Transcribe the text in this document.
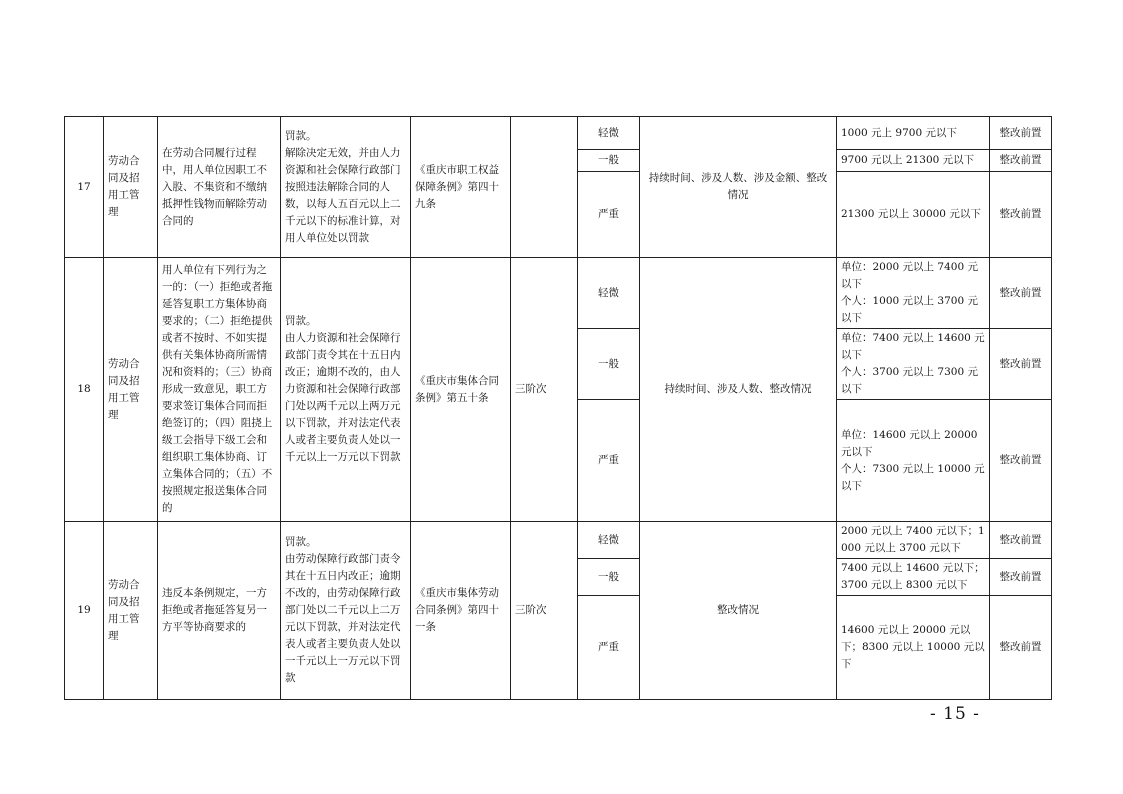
17	劳动合
同及招
用工管
理	在劳动合同履行过程中，用人单位因职工不入股、不集资和不缴纳抵押性钱物而解除劳动合同的	罚款。
解除决定无效，并由人力资源和社会保障行政部门按照违法解除合同的人数，以每人五百元以上二千元以下的标准计算，对用人单位处以罚款	《重庆市职工权益保障条例》第四十九条		轻微	持续时间、涉及人数、涉及金额、整改情况	1000 元上 9700 元以下	整改前置
						一般		9700 元以上 21300 元以下	整改前置
						严重		21300 元以上 30000 元以下	整改前置
18	劳动合
同及招
用工管
理	用人单位有下列行为之一的：（一）拒绝或者拖延答复职工方集体协商要求的；（二）拒绝提供或者不按时、不如实提供有关集体协商所需情况和资料的；（三）协商形成一致意见，职工方要求签订集体合同而拒绝签订的；（四）阻挠上级工会指导下级工会和组织职工集体协商、订立集体合同的；（五）不按照规定报送集体合同的	罚款。
由人力资源和社会保障行政部门责令其在十五日内改正；逾期不改的，由人力资源和社会保障行政部门处以两千元以上两万元以下罚款，并对法定代表人或者主要负责人处以一千元以上一万元以下罚款	《重庆市集体合同条例》第五十条	三阶次	轻微	持续时间、涉及人数、整改情况	单位：2000 元以上 7400 元以下
个人：1000 元以上 3700 元以下	整改前置
						一般		单位：7400 元以上 14600 元以下
个人：3700 元以上 7300 元以下	整改前置
						严重		单位：14600 元以上 20000 元以下
个人：7300 元以上 10000 元以下	整改前置
19	劳动合
同及招
用工管
理	违反本条例规定，一方拒绝或者拖延答复另一方平等协商要求的	罚款。
由劳动保障行政部门责令其在十五日内改正；逾期不改的，由劳动保障行政部门处以二千元以上二万元以下罚款，并对法定代表人或者主要负责人处以一千元以上一万元以下罚款	《重庆市集体劳动合同条例》第四十一条	三阶次	轻微	整改情况	2000 元以上 7400 元以下；1000 元以上 3700 元以下	整改前置
						一般		7400 元以上 14600 元以下；3700 元以上 8300 元以下	整改前置
						严重		14600 元以上 20000 元以下；8300 元以上 10000 元以下	整改前置
- 15 -
